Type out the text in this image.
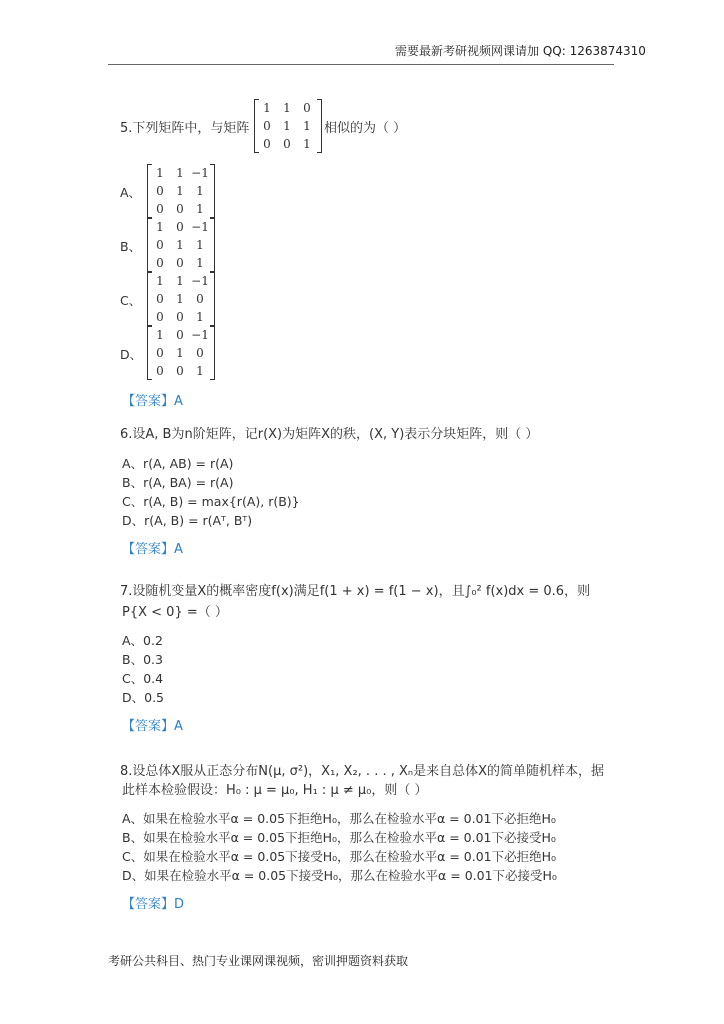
需要最新考研视频网课请加 QQ: 1263874310
5.下列矩阵中，与矩阵
1	1	0
0	1	1
0	0	1
相似的为（ ）
A、
1	1 −1
0	1	1
0	0	1
B、
1	0 −1
0	1	1
0	0	1
C、
1	1 −1
0	1	0
0	0	1
D、
1	0 −1
0	1	0
0	0	1
【答案】A
6.设A, B为n阶矩阵，记r(X)为矩阵X的秩，(X, Y)表示分块矩阵，则（ ）
A、r(A, AB) = r(A)
B、r(A, BA) = r(A)
C、r(A, B) = max{r(A), r(B)}
D、r(A, B) = r(Aᵀ, Bᵀ)
【答案】A
7.设随机变量X的概率密度f(x)满足f(1 + x) = f(1 − x)，且∫₀² f(x)dx = 0.6，则
P{X < 0} =（ ）
A、0.2
B、0.3
C、0.4
D、0.5
【答案】A
8.设总体X服从正态分布N(μ, σ²)，X₁, X₂, . . . , Xₙ是来自总体X的简单随机样本，据
此样本检验假设：H₀ : μ = μ₀, H₁ : μ ≠ μ₀，则（ ）
A、如果在检验水平α = 0.05下拒绝H₀，那么在检验水平α = 0.01下必拒绝H₀
B、如果在检验水平α = 0.05下拒绝H₀，那么在检验水平α = 0.01下必接受H₀
C、如果在检验水平α = 0.05下接受H₀，那么在检验水平α = 0.01下必拒绝H₀
D、如果在检验水平α = 0.05下接受H₀，那么在检验水平α = 0.01下必接受H₀
【答案】D
考研公共科目、热门专业课网课视频，密训押题资料获取
